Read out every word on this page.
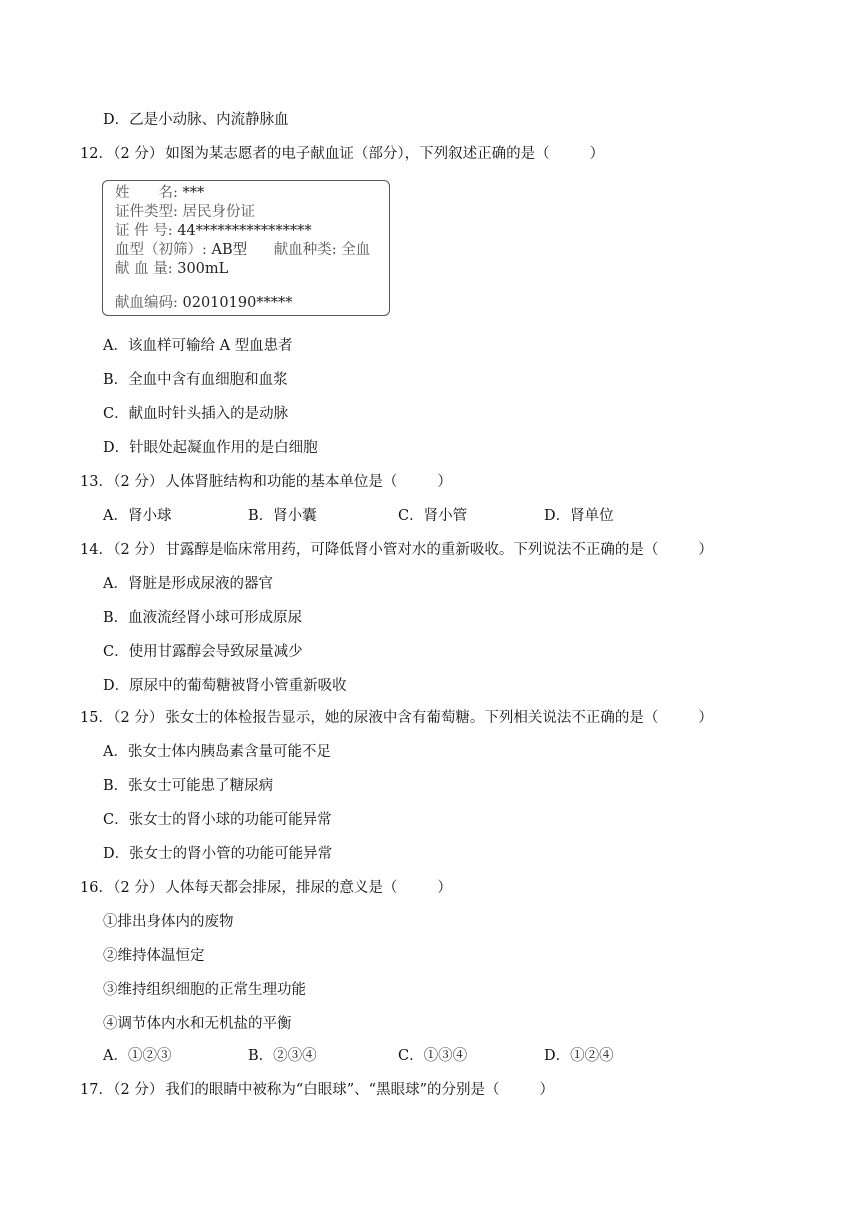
D．乙是小动脉、内流静脉血
12．（2 分） 如图为某志愿者的电子献血证（部分），下列叙述正确的是（	）
姓　　名: ***
证件类型: 居民身份证
证 件 号: 44****************
血型（初筛）: AB型 献血种类: 全血
献 血 量: 300mL
献血编码: 02010190*****
A．该血样可输给 A 型血患者
B．全血中含有血细胞和血浆
C．献血时针头插入的是动脉
D．针眼处起凝血作用的是白细胞
13．（2 分） 人体肾脏结构和功能的基本单位是（	）
A．肾小球	B．肾小囊	C．肾小管	D．肾单位
14．（2 分） 甘露醇是临床常用药，可降低肾小管对水的重新吸收。下列说法不正确的是（	）
A．肾脏是形成尿液的器官
B．血液流经肾小球可形成原尿
C．使用甘露醇会导致尿量减少
D．原尿中的葡萄糖被肾小管重新吸收
15．（2 分） 张女士的体检报告显示，她的尿液中含有葡萄糖。下列相关说法不正确的是（	）
A．张女士体内胰岛素含量可能不足
B．张女士可能患了糖尿病
C．张女士的肾小球的功能可能异常
D．张女士的肾小管的功能可能异常
16．（2 分） 人体每天都会排尿，排尿的意义是（	）
①排出身体内的废物
②维持体温恒定
③维持组织细胞的正常生理功能
④调节体内水和无机盐的平衡
A．①②③	B．②③④	C．①③④	D．①②④
17．（2 分） 我们的眼睛中被称为“白眼球”、“黑眼球”的分别是（	）
